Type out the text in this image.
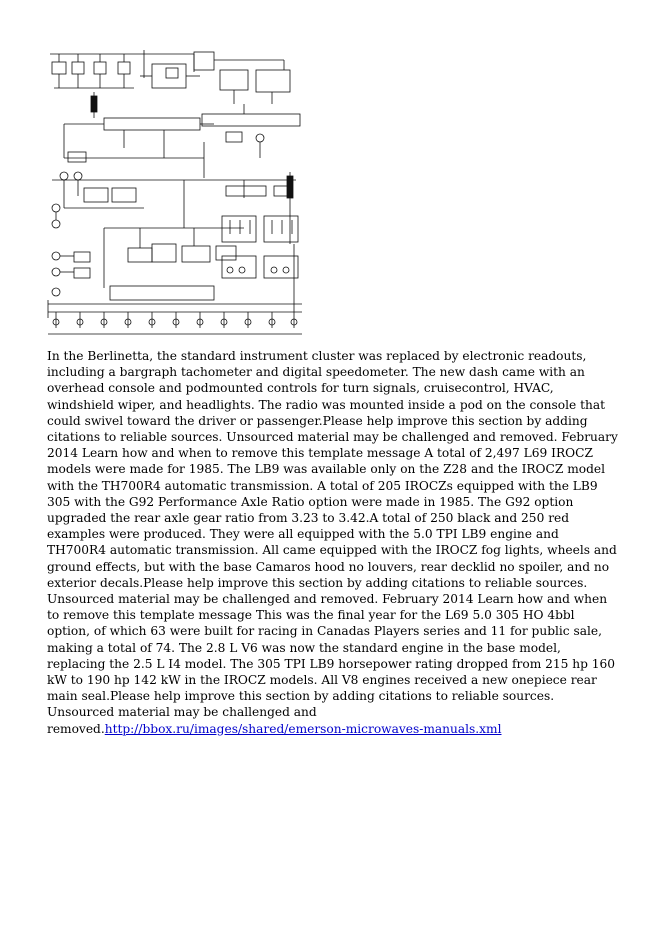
In the Berlinetta, the standard instrument cluster was replaced by electronic readouts, including a bargraph tachometer and digital speedometer. The new dash came with an overhead console and podmounted controls for turn signals, cruisecontrol, HVAC, windshield wiper, and headlights. The radio was mounted inside a pod on the console that could swivel toward the driver or passenger.Please help improve this section by adding citations to reliable sources. Unsourced material may be challenged and removed. February 2014 Learn how and when to remove this template message A total of 2,497 L69 IROCZ models were made for 1985. The LB9 was available only on the Z28 and the IROCZ model with the TH700R4 automatic transmission. A total of 205 IROCZs equipped with the LB9 305 with the G92 Performance Axle Ratio option were made in 1985. The G92 option upgraded the rear axle gear ratio from 3.23 to 3.42.A total of 250 black and 250 red examples were produced. They were all equipped with the 5.0 TPI LB9 engine and TH700R4 automatic transmission. All came equipped with the IROCZ fog lights, wheels and ground effects, but with the base Camaros hood no louvers, rear decklid no spoiler, and no exterior decals.Please help improve this section by adding citations to reliable sources. Unsourced material may be challenged and removed. February 2014 Learn how and when to remove this template message This was the final year for the L69 5.0 305 HO 4bbl option, of which 63 were built for racing in Canadas Players series and 11 for public sale, making a total of 74. The 2.8 L V6 was now the standard engine in the base model, replacing the 2.5 L I4 model. The 305 TPI LB9 horsepower rating dropped from 215 hp 160 kW to 190 hp 142 kW in the IROCZ models. All V8 engines received a new onepiece rear main seal.Please help improve this section by adding citations to reliable sources. Unsourced material may be challenged and removed.http://bbox.ru/images/shared/emerson-microwaves-manuals.xml
